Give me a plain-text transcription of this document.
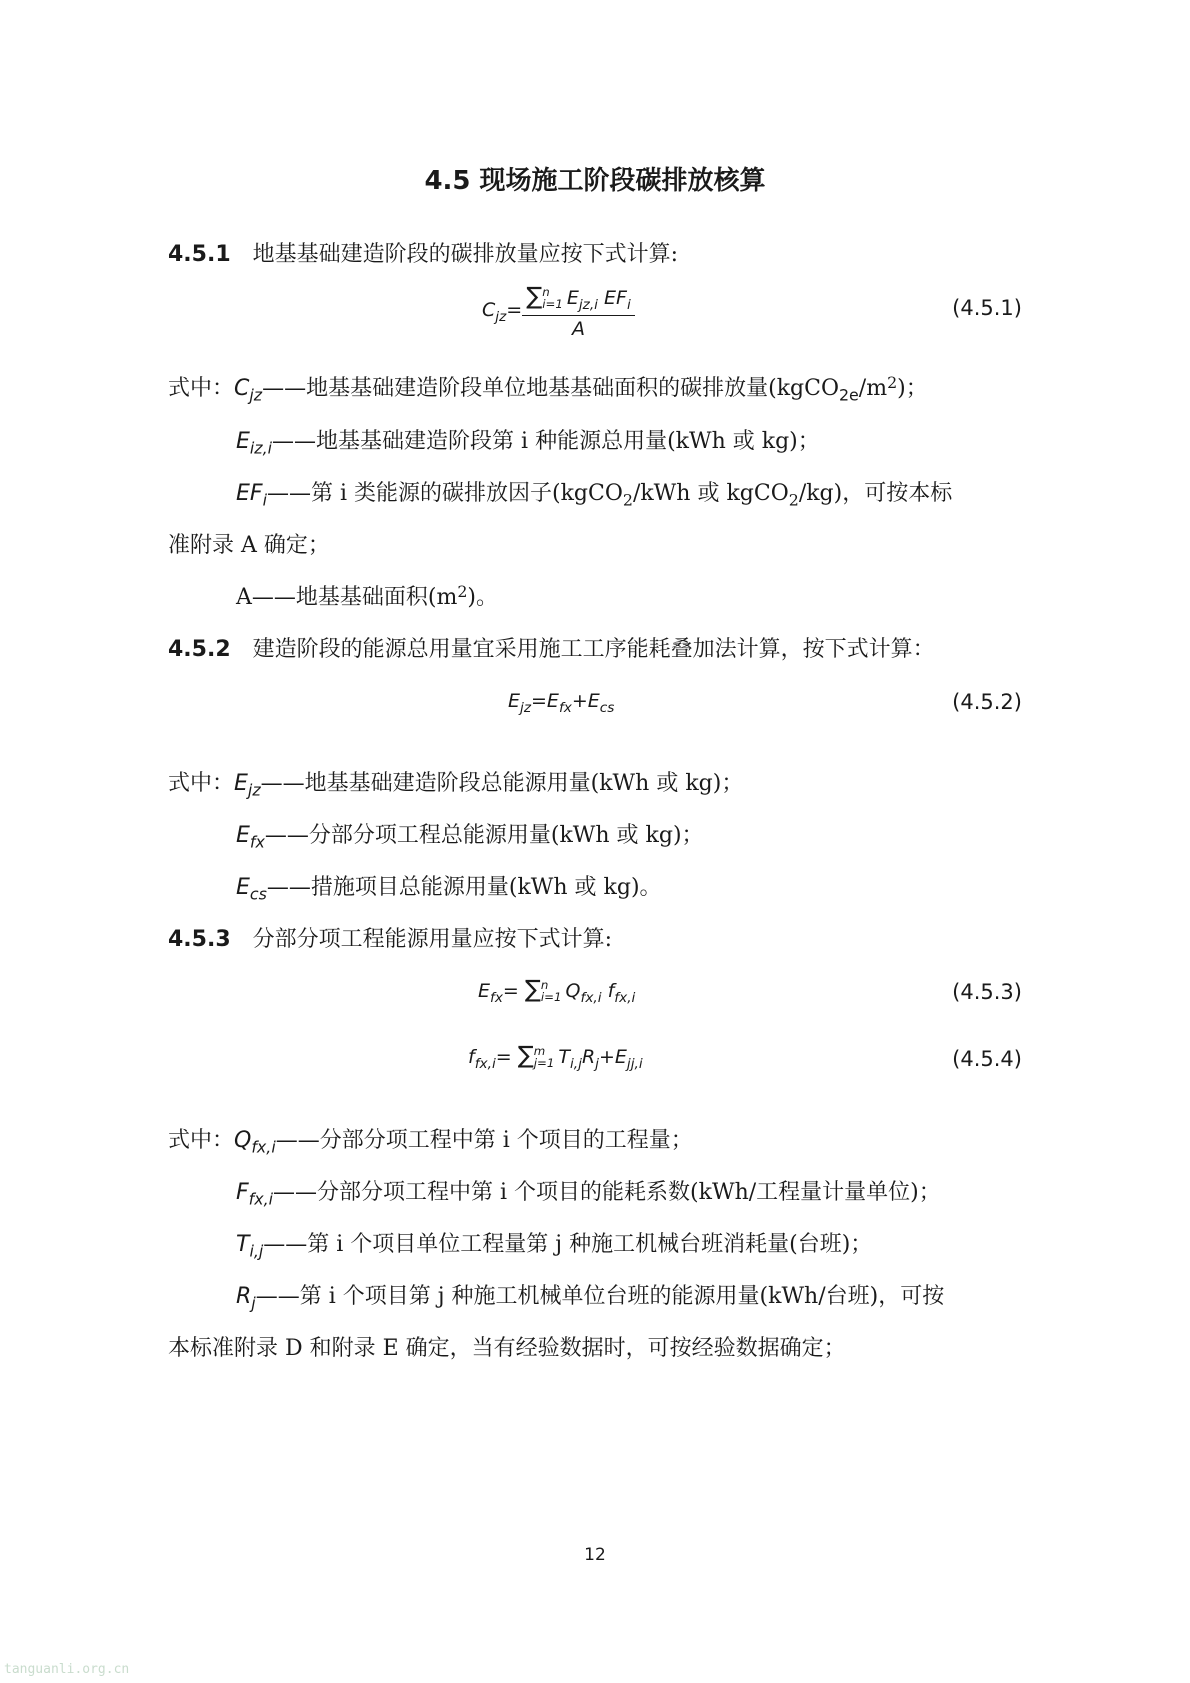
4.5 现场施工阶段碳排放核算
4.5.1 地基基础建造阶段的碳排放量应按下式计算:
$C_{jz}=$ ∑ n
i=1 $E_{jz,i}$ $EF_i$
A	(4.5.1)
式中：$C_{jz}——$地基基础建造阶段单位地基基础面积的碳排放量$(kgCO_{2e}/m^2)$；
$E_{iz,i}——$地基基础建造阶段第 i 种能源总用量(kWh 或 kg)；
$EF_i——$第 i 类能源的碳排放因子(kgCO$_2$/kWh 或 kgCO$_2$/kg)，可按本标
准附录 A 确定；
A——地基基础面积$(m^2)$。
4.5.2 建造阶段的能源总用量宜采用施工工序能耗叠加法计算，按下式计算：
$E_{jz}=E_{fx}+E_{cs}$	(4.5.2)
式中：$E_{jz}——$地基基础建造阶段总能源用量(kWh 或 kg)；
$E_{fx}——$分部分项工程总能源用量(kWh 或 kg)；
$E_{cs}——$措施项目总能源用量(kWh 或 kg)。
4.5.3 分部分项工程能源用量应按下式计算:
$E_{fx}=$ ∑ n
i=1 $Q_{fx,i}$ $f_{fx,i}$	(4.5.3)
$f_{fx,i}=$ ∑ m
j=1 $T_{i,j}R_j+E_{jj,i}$	(4.5.4)
式中：$Q_{fx,i}——$分部分项工程中第 i 个项目的工程量；
$F_{fx,i}——$分部分项工程中第 i 个项目的能耗系数(kWh/工程量计量单位)；
$T_{i,j}——$第 i 个项目单位工程量第 j 种施工机械台班消耗量(台班)；
$R_j——$第 i 个项目第 j 种施工机械单位台班的能源用量(kWh/台班)，可按
本标准附录 D 和附录 E 确定，当有经验数据时，可按经验数据确定；
12
tanguanli.org.cn
